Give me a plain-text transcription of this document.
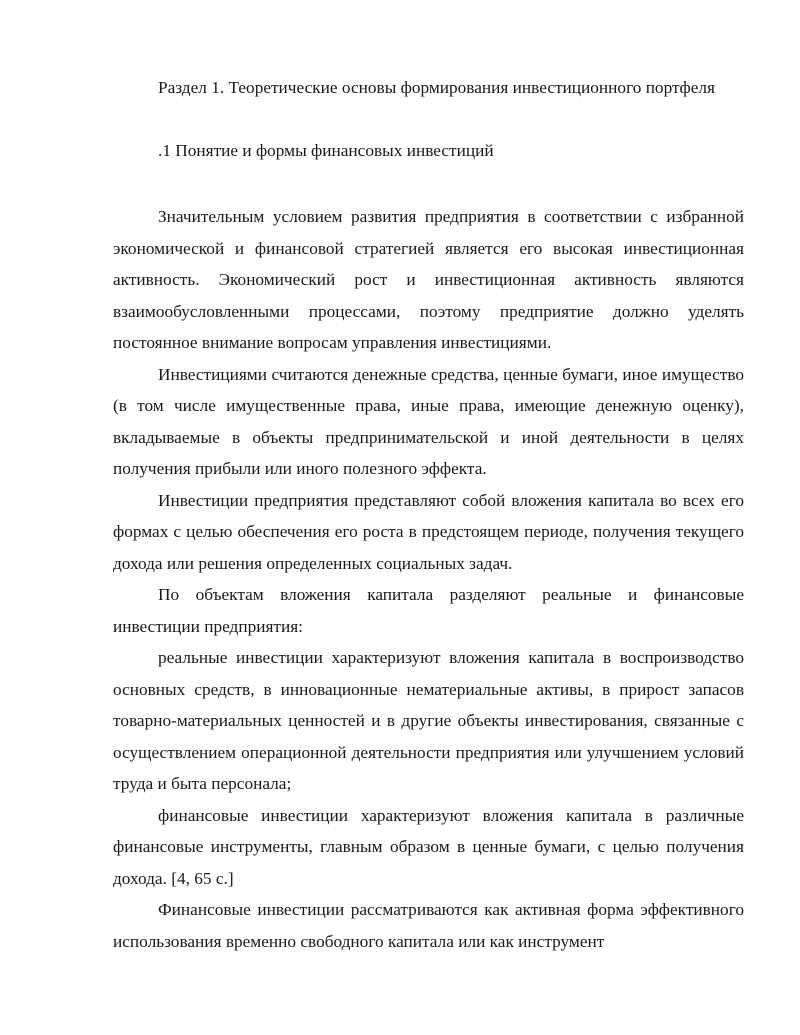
Раздел 1. Теоретические основы формирования инвестиционного портфеля
.1 Понятие и формы финансовых инвестиций

Значительным условием развития предприятия в соответствии с избранной экономической и финансовой стратегией является его высокая инвестиционная активность. Экономический рост и инвестиционная активность являются взаимообусловленными процессами, поэтому предприятие должно уделять постоянное внимание вопросам управления инвестициями.

Инвестициями считаются денежные средства, ценные бумаги, иное имущество (в том числе имущественные права, иные права, имеющие денежную оценку), вкладываемые в объекты предпринимательской и иной деятельности в целях получения прибыли или иного полезного эффекта.

Инвестиции предприятия представляют собой вложения капитала во всех его формах с целью обеспечения его роста в предстоящем периоде, получения текущего дохода или решения определенных социальных задач.

По объектам вложения капитала разделяют реальные и финансовые инвестиции предприятия:

реальные инвестиции характеризуют вложения капитала в воспроизводство основных средств, в инновационные нематериальные активы, в прирост запасов товарно-материальных ценностей и в другие объекты инвестирования, связанные с осуществлением операционной деятельности предприятия или улучшением условий труда и быта персонала;

финансовые инвестиции характеризуют вложения капитала в различные финансовые инструменты, главным образом в ценные бумаги, с целью получения дохода. [4, 65 с.]

Финансовые инвестиции рассматриваются как активная форма эффективного использования временно свободного капитала или как инструмент
